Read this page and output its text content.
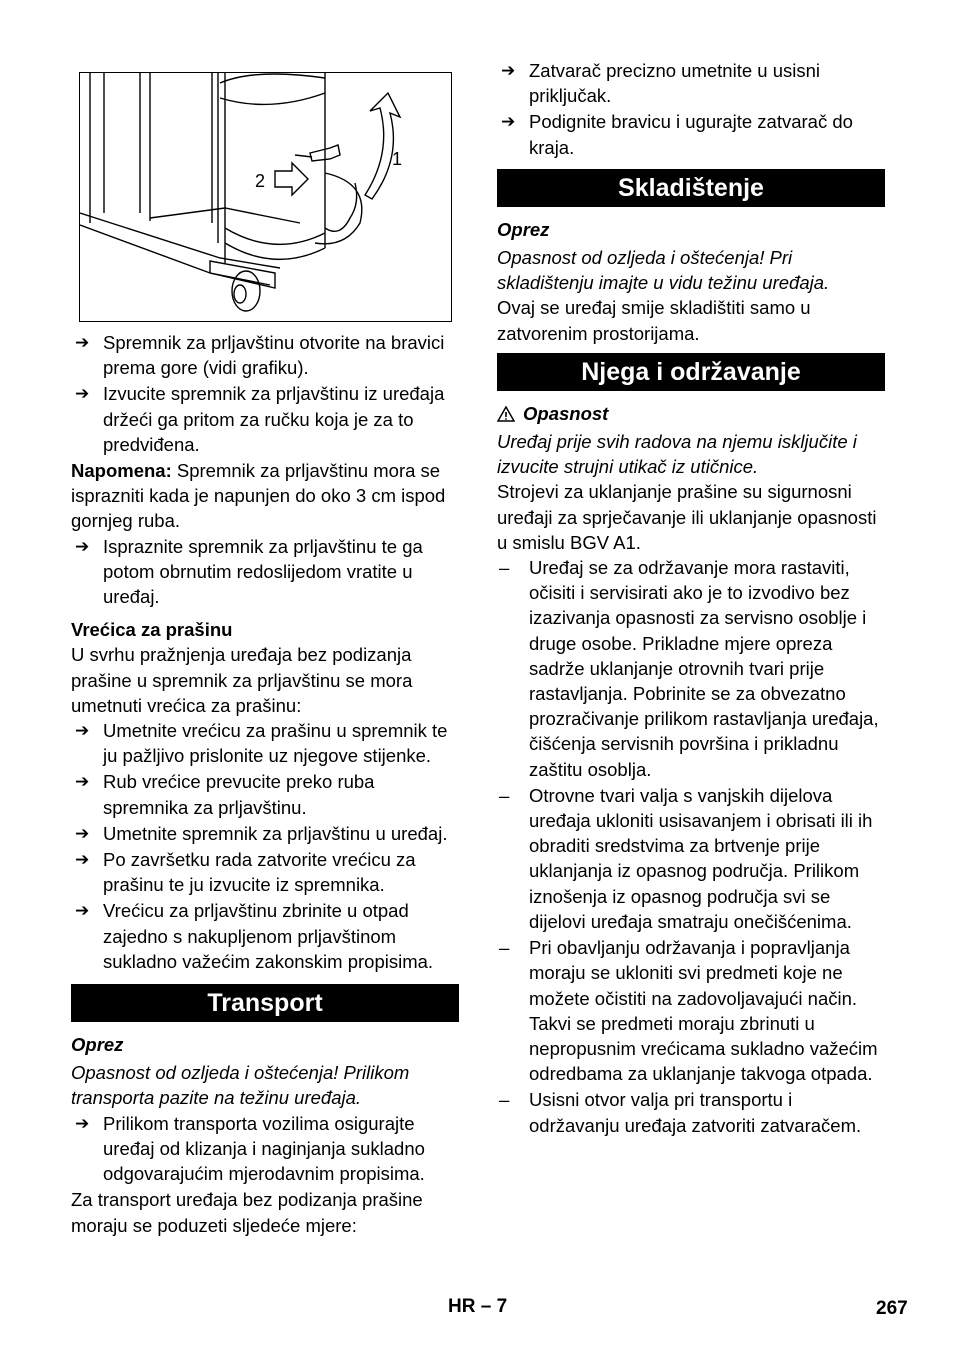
2
1
➔ Spremnik za prljavštinu otvorite na bravici prema gore (vidi grafiku).
➔ Izvucite spremnik za prljavštinu iz uređaja držeći ga pritom za ručku koja je za to predviđena.

Napomena: Spremnik za prljavštinu mora se isprazniti kada je napunjen do oko 3 cm ispod gornjeg ruba.

➔ Ispraznite spremnik za prljavštinu te ga potom obrnutim redoslijedom vratite u uređaj.
Vrećica za prašinu

U svrhu pražnjenja uređaja bez podizanja prašine u spremnik za prljavštinu se mora umetnuti vrećica za prašinu:

➔ Umetnite vrećicu za prašinu u spremnik te ju pažljivo prislonite uz njegove stijenke.
➔ Rub vrećice prevucite preko ruba spremnika za prljavštinu.
➔ Umetnite spremnik za prljavštinu u uređaj.
➔ Po završetku rada zatvorite vrećicu za prašinu te ju izvucite iz spremnika.
➔ Vrećicu za prljavštinu zbrinite u otpad zajedno s nakupljenom prljavštinom sukladno važećim zakonskim propisima.
Transport
Oprez

Opasnost od ozljeda i oštećenja! Prilikom transporta pazite na težinu uređaja.

➔ Prilikom transporta vozilima osigurajte uređaj od klizanja i naginjanja sukladno odgovarajućim mjerodavnim propisima.

Za transport uređaja bez podizanja prašine moraju se poduzeti sljedeće mjere:

➔ Zatvarač precizno umetnite u usisni priključak.
➔ Podignite bravicu i ugurajte zatvarač do kraja.
Skladištenje
Oprez

Opasnost od ozljeda i oštećenja! Pri skladištenju imajte u vidu težinu uređaja.

Ovaj se uređaj smije skladištiti samo u zatvorenim prostorijama.

Njega i održavanje
Opasnost

Uređaj prije svih radova na njemu isključite i izvucite strujni utikač iz utičnice.

Strojevi za uklanjanje prašine su sigurnosni uređaji za sprječavanje ili uklanjanje opasnosti u smislu BGV A1.

– Uređaj se za održavanje mora rastaviti, očisiti i servisirati ako je to izvodivo bez izazivanja opasnosti za servisno osoblje i druge osobe. Prikladne mjere opreza sadrže uklanjanje otrovnih tvari prije rastavljanja. Pobrinite se za obvezatno prozračivanje prilikom rastavljanja uređaja, čišćenja servisnih površina i prikladnu zaštitu osoblja.
– Otrovne tvari valja s vanjskih dijelova uređaja ukloniti usisavanjem i obrisati ili ih obraditi sredstvima za brtvenje prije uklanjanja iz opasnog područja. Prilikom iznošenja iz opasnog područja svi se dijelovi uređaja smatraju onečišćenima.
– Pri obavljanju održavanja i popravljanja moraju se ukloniti svi predmeti koje ne možete očistiti na zadovoljavajući način. Takvi se predmeti moraju zbrinuti u nepropusnim vrećicama sukladno važećim odredbama za uklanjanje takvoga otpada.
– Usisni otvor valja pri transportu i održavanju uređaja zatvoriti zatvaračem.
HR – 7	267
